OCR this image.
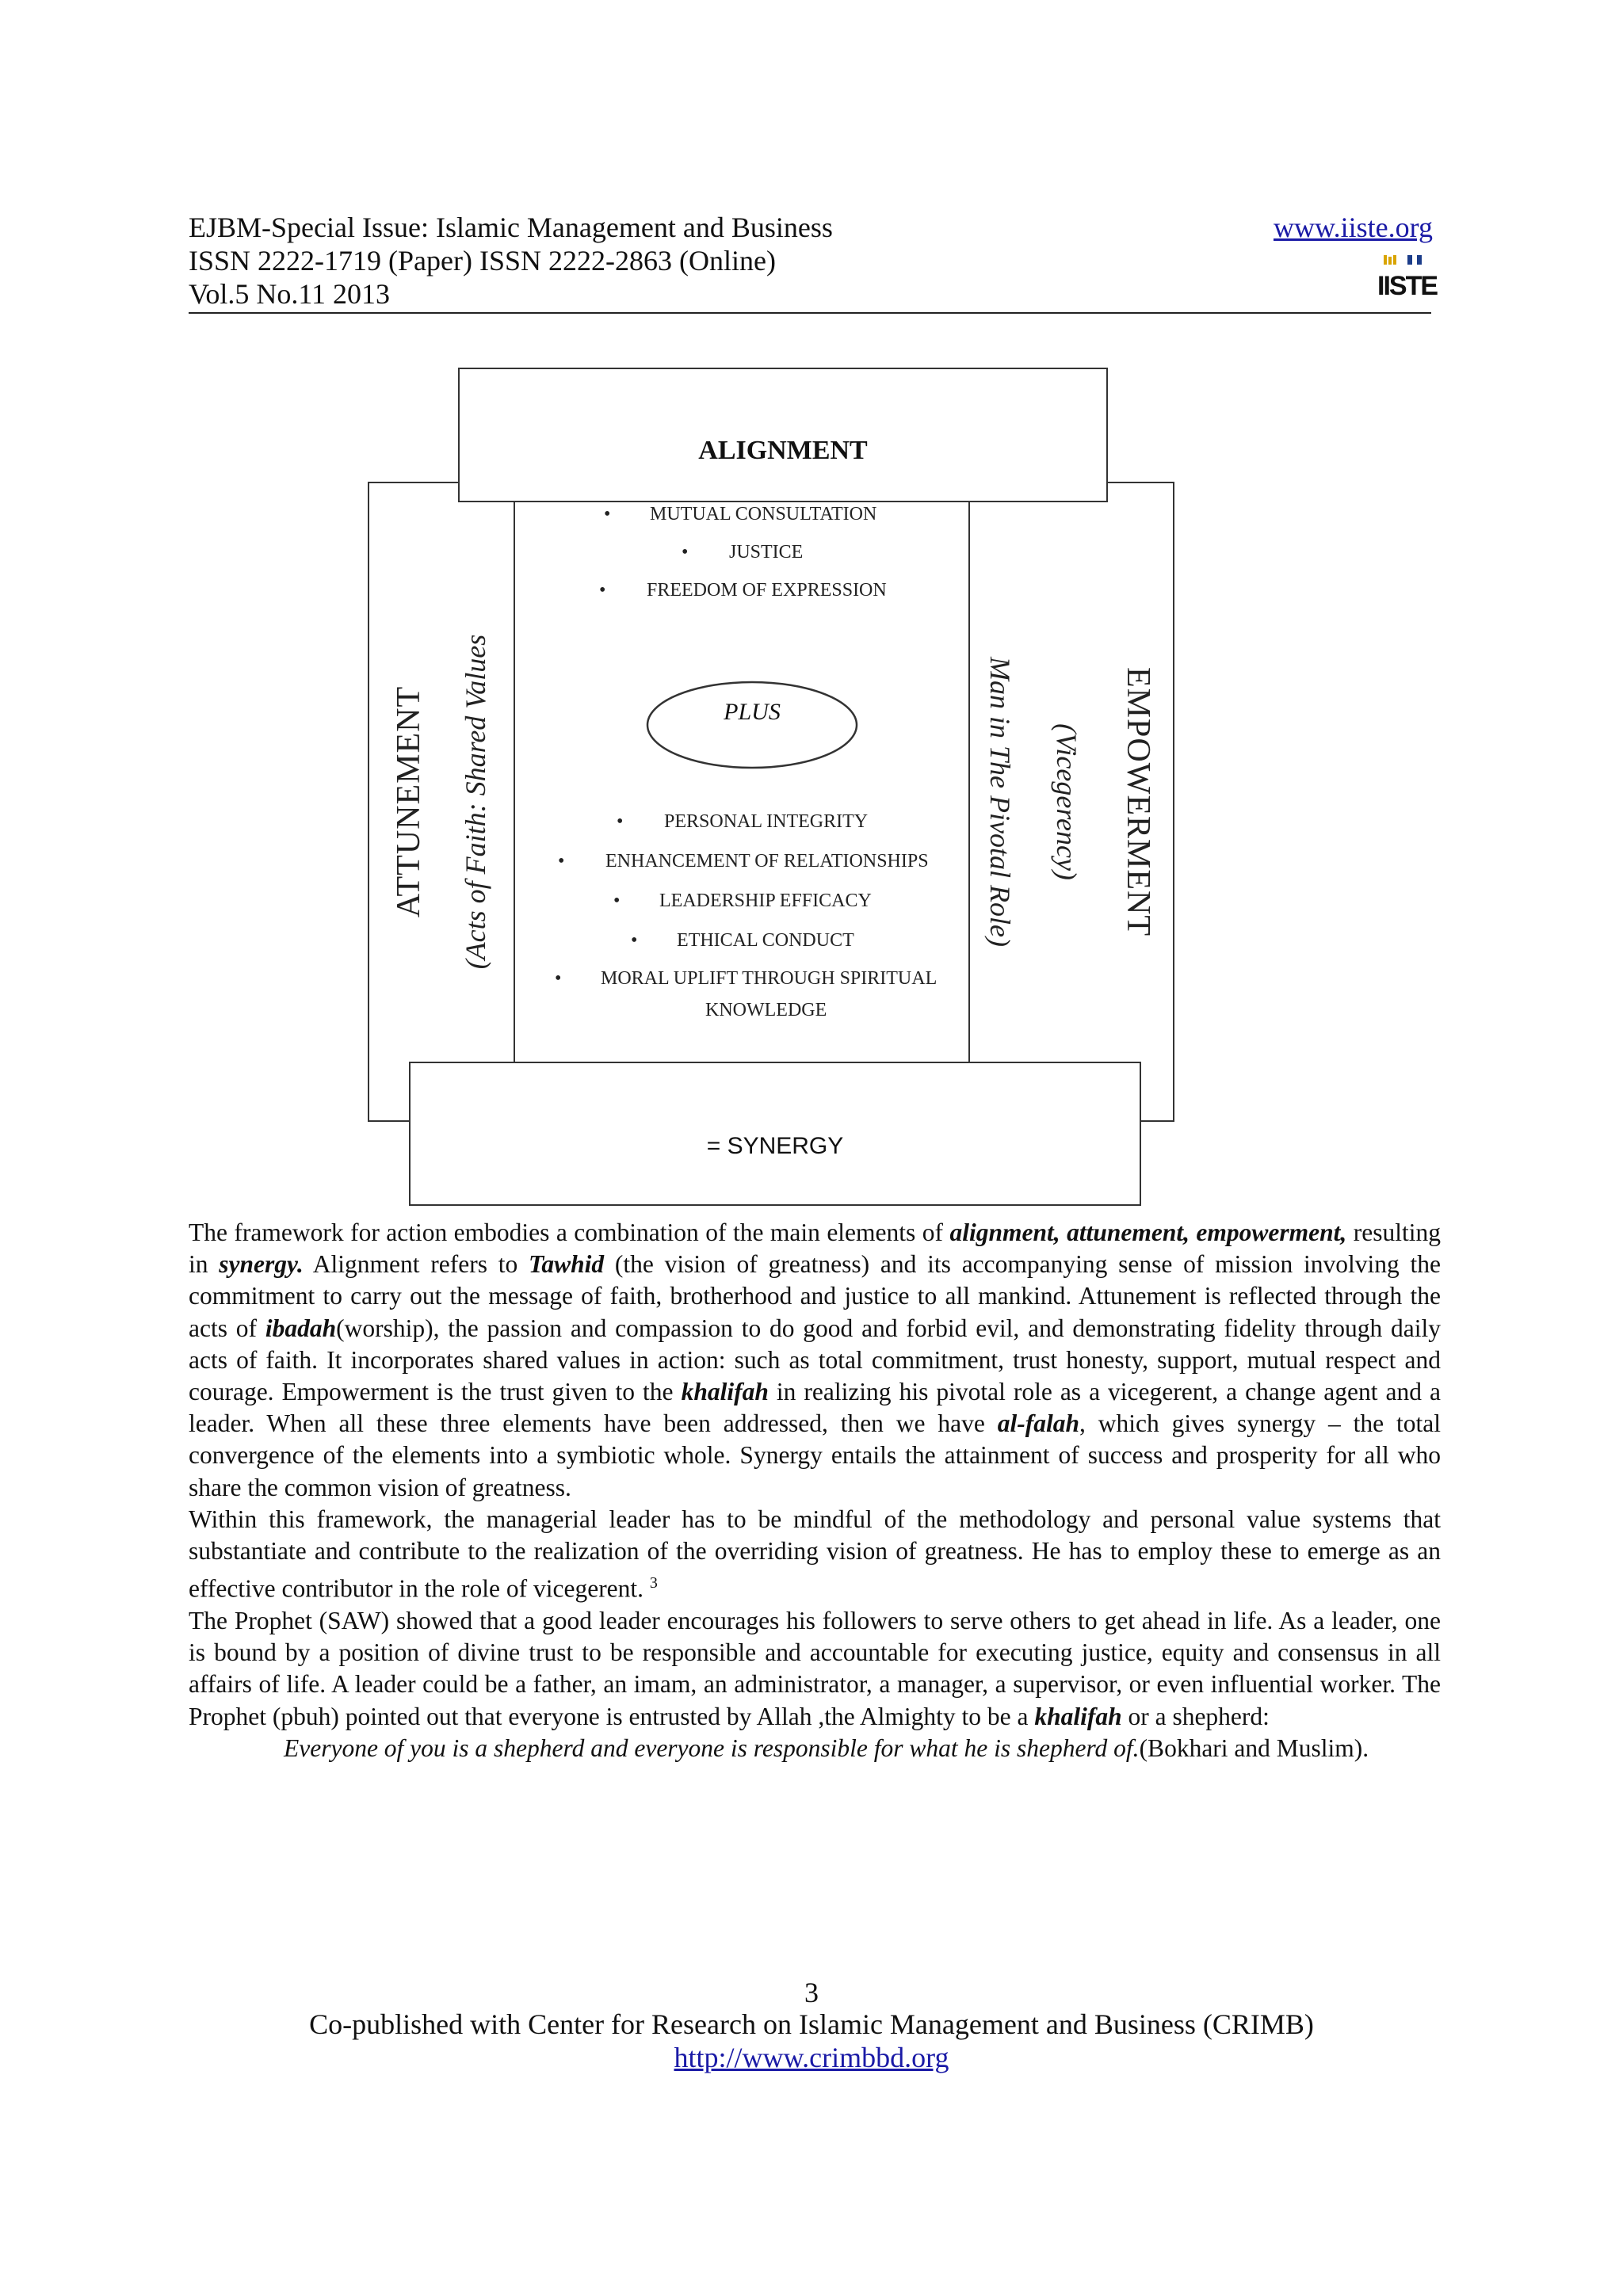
EJBM-Special Issue: Islamic Management and Business
ISSN 2222-1719 (Paper) ISSN 2222-2863 (Online)
Vol.5 No.11 2013
www.iiste.org
IISTE
ALIGNMENT
• MUTUAL CONSULTATION
• JUSTICE
• FREEDOM OF EXPRESSION
PLUS
• PERSONAL INTEGRITY
• ENHANCEMENT OF RELATIONSHIPS
• LEADERSHIP EFFICACY
• ETHICAL CONDUCT
• MORAL UPLIFT THROUGH SPIRITUAL
KNOWLEDGE
ATTUNEMENT (Acts of Faith: Shared Values	Man in The Pivotal Role) (Vicegerency) EMPOWERMENT
= SYNERGY

The framework for action embodies a combination of the main elements of alignment, attunement, empowerment, resulting in synergy. Alignment refers to Tawhid (the vision of greatness) and its accompanying sense of mission involving the commitment to carry out the message of faith, brotherhood and justice to all mankind. Attunement is reflected through the acts of ibadah(worship), the passion and compassion to do good and forbid evil, and demonstrating fidelity through daily acts of faith. It incorporates shared values in action: such as total commitment, trust honesty, support, mutual respect and courage. Empowerment is the trust given to the khalifah in realizing his pivotal role as a vicegerent, a change agent and a leader. When all these three elements have been addressed, then we have al-falah, which gives synergy – the total convergence of the elements into a symbiotic whole. Synergy entails the attainment of success and prosperity for all who share the common vision of greatness.

Within this framework, the managerial leader has to be mindful of the methodology and personal value systems that substantiate and contribute to the realization of the overriding vision of greatness. He has to employ these to emerge as an effective contributor in the role of vicegerent. $^3$

The Prophet (SAW) showed that a good leader encourages his followers to serve others to get ahead in life. As a leader, one is bound by a position of divine trust to be responsible and accountable for executing justice, equity and consensus in all affairs of life. A leader could be a father, an imam, an administrator, a manager, a supervisor, or even influential worker. The Prophet (pbuh) pointed out that everyone is entrusted by Allah ,the Almighty to be a khalifah or a shepherd:

Everyone of you is a shepherd and everyone is responsible for what he is shepherd of.(Bokhari and Muslim).

3
Co-published with Center for Research on Islamic Management and Business (CRIMB)
http://www.crimbbd.org
